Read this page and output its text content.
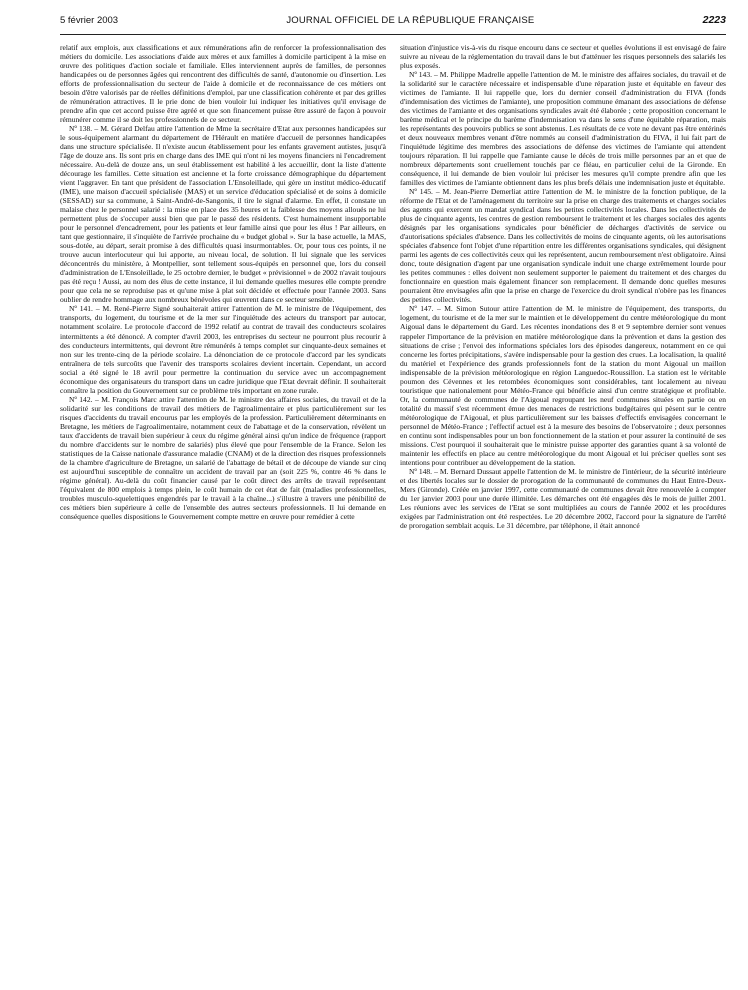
5 février 2003	JOURNAL OFFICIEL DE LA RÉPUBLIQUE FRANÇAISE	2223

relatif aux emplois, aux classifications et aux rémunérations afin de renforcer la professionnalisation des métiers du domicile. Les associations d'aide aux mères et aux familles à domicile participent à la mise en œuvre des politiques d'action sociale et familiale. Elles interviennent auprès de familles, de personnes handicapées ou de personnes âgées qui rencontrent des difficultés de santé, d'autonomie ou d'insertion. Les efforts de professionnalisation du secteur de l'aide à domicile et de reconnaissance de ces métiers ont besoin d'être valorisés par de réelles définitions d'emploi, par une classification cohérente et par des grilles de rémunération attractives. Il le prie donc de bien vouloir lui indiquer les initiatives qu'il envisage de prendre afin que cet accord puisse être agréé et que son financement puisse être assuré de façon à pouvoir rémunérer comme il se doit les professionnels de ce secteur.

Nº 138. – M. Gérard Delfau attire l'attention de Mme la secrétaire d'Etat aux personnes handicapées sur le sous-équipement alarmant du département de l'Hérault en matière d'accueil de personnes handicapées dans une structure spécialisée. Il n'existe aucun établissement pour les enfants gravement autistes, jusqu'à l'âge de douze ans. Ils sont pris en charge dans des IME qui n'ont ni les moyens financiers ni l'encadrement nécessaire. Au-delà de douze ans, un seul établissement est habilité à les accueillir, dont la liste d'attente décourage les familles. Cette situation est ancienne et la forte croissance démographique du département vient l'aggraver. En tant que président de l'association L'Ensoleillade, qui gère un institut médico-éducatif (IME), une maison d'accueil spécialisée (MAS) et un service d'éducation spécialisé et de soins à domicile (SESSAD) sur sa commune, à Saint-André-de-Sangonis, il tire le signal d'alarme. En effet, il constate un malaise chez le personnel salarié : la mise en place des 35 heures et la faiblesse des moyens alloués ne lui permettent plus de s'occuper aussi bien que par le passé des résidents. C'est humainement insupportable pour le personnel d'encadrement, pour les patients et leur famille ainsi que pour les élus ! Par ailleurs, en tant que gestionnaire, il s'inquiète de l'arrivée prochaine du « budget global ». Sur la base actuelle, la MAS, sous-dotée, au départ, serait promise à des difficultés quasi insurmontables. Or, pour tous ces points, il ne trouve aucun interlocuteur qui lui apporte, au niveau local, de solution. Il lui signale que les services déconcentrés du ministère, à Montpellier, sont tellement sous-équipés en personnel que, lors du conseil d'administration de L'Ensoleillade, le 25 octobre dernier, le budget « prévisionnel » de 2002 n'avait toujours pas été reçu ! Aussi, au nom des élus de cette instance, il lui demande quelles mesures elle compte prendre pour que cela ne se reproduise pas et qu'une mise à plat soit décidée et effectuée pour l'année 2003. Sans oublier de rendre hommage aux nombreux bénévoles qui œuvrent dans ce secteur sensible.

Nº 141. – M. René-Pierre Signé souhaiterait attirer l'attention de M. le ministre de l'équipement, des transports, du logement, du tourisme et de la mer sur l'inquiétude des acteurs du transport par autocar, notamment scolaire. Le protocole d'accord de 1992 relatif au contrat de travail des conducteurs scolaires intermittents a été dénoncé. A compter d'avril 2003, les entreprises du secteur ne pourront plus recourir à des conducteurs intermittents, qui devront être rémunérés à temps complet sur cinquante-deux semaines et non sur les trente-cinq de la période scolaire. La dénonciation de ce protocole d'accord par les syndicats entraînera de tels surcoûts que l'avenir des transports scolaires devient incertain. Cependant, un accord social a été signé le 18 avril pour permettre la continuation du service avec un accompagnement économique des organisateurs du transport dans un cadre juridique que l'Etat devrait définir. Il souhaiterait connaître la position du Gouvernement sur ce problème très important en zone rurale.

Nº 142. – M. François Marc attire l'attention de M. le ministre des affaires sociales, du travail et de la solidarité sur les conditions de travail des métiers de l'agroalimentaire et plus particulièrement sur les risques d'accidents du travail encourus par les employés de la profession. Particulièrement déterminants en Bretagne, les métiers de l'agroalimentaire, notamment ceux de l'abattage et de la conservation, révèlent un taux d'accidents de travail bien supérieur à ceux du régime général ainsi qu'un indice de fréquence (rapport du nombre d'accidents sur le nombre de salariés) plus élevé que pour l'ensemble de la France. Selon les statistiques de la Caisse nationale d'assurance maladie (CNAM) et de la direction des risques professionnels de la chambre d'agriculture de Bretagne, un salarié de l'abattage de bétail et de découpe de viande sur cinq est aujourd'hui susceptible de connaître un accident de travail par an (soit 225 %, contre 46 % dans le régime général). Au-delà du coût financier causé par le coût direct des arrêts de travail représentant l'équivalent de 800 emplois à temps plein, le coût humain de cet état de fait (maladies professionnelles, troubles musculo-squelettiques engendrés par le travail à la chaîne...) s'illustre à travers une pénibilité de ces métiers bien supérieure à celle de l'ensemble des autres secteurs professionnels. Il lui demande en conséquence quelles dispositions le Gouvernement compte mettre en œuvre pour remédier à cette

situation d'injustice vis-à-vis du risque encouru dans ce secteur et quelles évolutions il est envisagé de faire suivre au niveau de la réglementation du travail dans le but d'atténuer les risques personnels des salariés les plus exposés.

Nº 143. – M. Philippe Madrelle appelle l'attention de M. le ministre des affaires sociales, du travail et de la solidarité sur le caractère nécessaire et indispensable d'une réparation juste et équitable en faveur des victimes de l'amiante. Il lui rappelle que, lors du dernier conseil d'administration du FIVA (fonds d'indemnisation des victimes de l'amiante), une proposition commune émanant des associations de défense des victimes de l'amiante et des organisations syndicales avait été élaborée ; cette proposition concernant le barème médical et le principe du barème d'indemnisation va dans le sens d'une équitable réparation, mais les représentants des pouvoirs publics se sont abstenus. Les résultats de ce vote ne devant pas être entérinés et deux nouveaux membres venant d'être nommés au conseil d'administration du FIVA, il lui fait part de l'inquiétude légitime des membres des associations de défense des victimes de l'amiante qui attendent toujours réparation. Il lui rappelle que l'amiante cause le décès de trois mille personnes par an et que de nombreux départements sont cruellement touchés par ce fléau, en particulier celui de la Gironde. En conséquence, il lui demande de bien vouloir lui préciser les mesures qu'il compte prendre afin que les familles des victimes de l'amiante obtiennent dans les plus brefs délais une indemnisation juste et équitable.

Nº 145. – M. Jean-Pierre Demerliat attire l'attention de M. le ministre de la fonction publique, de la réforme de l'Etat et de l'aménagement du territoire sur la prise en charge des traitements et charges sociales des agents qui exercent un mandat syndical dans les petites collectivités locales. Dans les collectivités de plus de cinquante agents, les centres de gestion remboursent le traitement et les charges sociales des agents désignés par les organisations syndicales pour bénéficier de décharges d'activités de service ou d'autorisations spéciales d'absence. Dans les collectivités de moins de cinquante agents, où les autorisations spéciales d'absence font l'objet d'une répartition entre les différentes organisations syndicales, qui désignent parmi les agents de ces collectivités ceux qui les représentent, aucun remboursement n'est obligatoire. Ainsi donc, toute désignation d'agent par une organisation syndicale induit une charge extrêmement lourde pour les petites communes : elles doivent non seulement supporter le paiement du traitement et des charges du fonctionnaire en question mais également financer son remplacement. Il demande donc quelles mesures pourraient être envisagées afin que la prise en charge de l'exercice du droit syndical n'obère pas les finances des petites collectivités.

Nº 147. – M. Simon Sutour attire l'attention de M. le ministre de l'équipement, des transports, du logement, du tourisme et de la mer sur le maintien et le développement du centre météorologique du mont Aigoual dans le département du Gard. Les récentes inondations des 8 et 9 septembre dernier sont venues rappeler l'importance de la prévision en matière météorologique dans la prévention et dans la gestion des situations de crise ; l'envoi des informations spéciales lors des épisodes dangereux, notamment en ce qui concerne les fortes précipitations, s'avère indispensable pour la gestion des crues. La localisation, la qualité du matériel et l'expérience des grands professionnels font de la station du mont Aigoual un maillon indispensable de la prévision météorologique en région Languedoc-Roussillon. La station est le véritable poumon des Cévennes et les retombées économiques sont considérables, tant localement au niveau touristique que nationalement pour Météo-France qui bénéficie ainsi d'un centre stratégique et profitable. Or, la communauté de communes de l'Aigoual regroupant les neuf communes situées en partie ou en totalité du massif s'est récemment émue des menaces de restrictions budgétaires qui pèsent sur le centre météorologique de l'Aigoual, et plus particulièrement sur les baisses d'effectifs envisagées concernant le personnel de Météo-France ; l'effectif actuel est à la mesure des besoins de l'observatoire ; deux personnes en continu sont indispensables pour un bon fonctionnement de la station et pour assurer la continuité de ses missions. C'est pourquoi il souhaiterait que le ministre puisse apporter des garanties quant à sa volonté de maintenir les effectifs en place au centre météorologique du mont Aigoual et lui préciser quelles sont ses intentions pour contribuer au développement de la station.

Nº 148. – M. Bernard Dussaut appelle l'attention de M. le ministre de l'intérieur, de la sécurité intérieure et des libertés locales sur le dossier de prorogation de la communauté de communes du Haut Entre-Deux-Mers (Gironde). Créée en janvier 1997, cette communauté de communes devait être renouvelée à compter du 1er janvier 2003 pour une durée illimitée. Les démarches ont été engagées dès le mois de juillet 2001. Les réunions avec les services de l'Etat se sont multipliées au cours de l'année 2002 et les procédures exigées par l'administration ont été respectées. Le 20 décembre 2002, l'accord pour la signature de l'arrêté de prorogation semblait acquis. Le 31 décembre, par téléphone, il était annoncé
